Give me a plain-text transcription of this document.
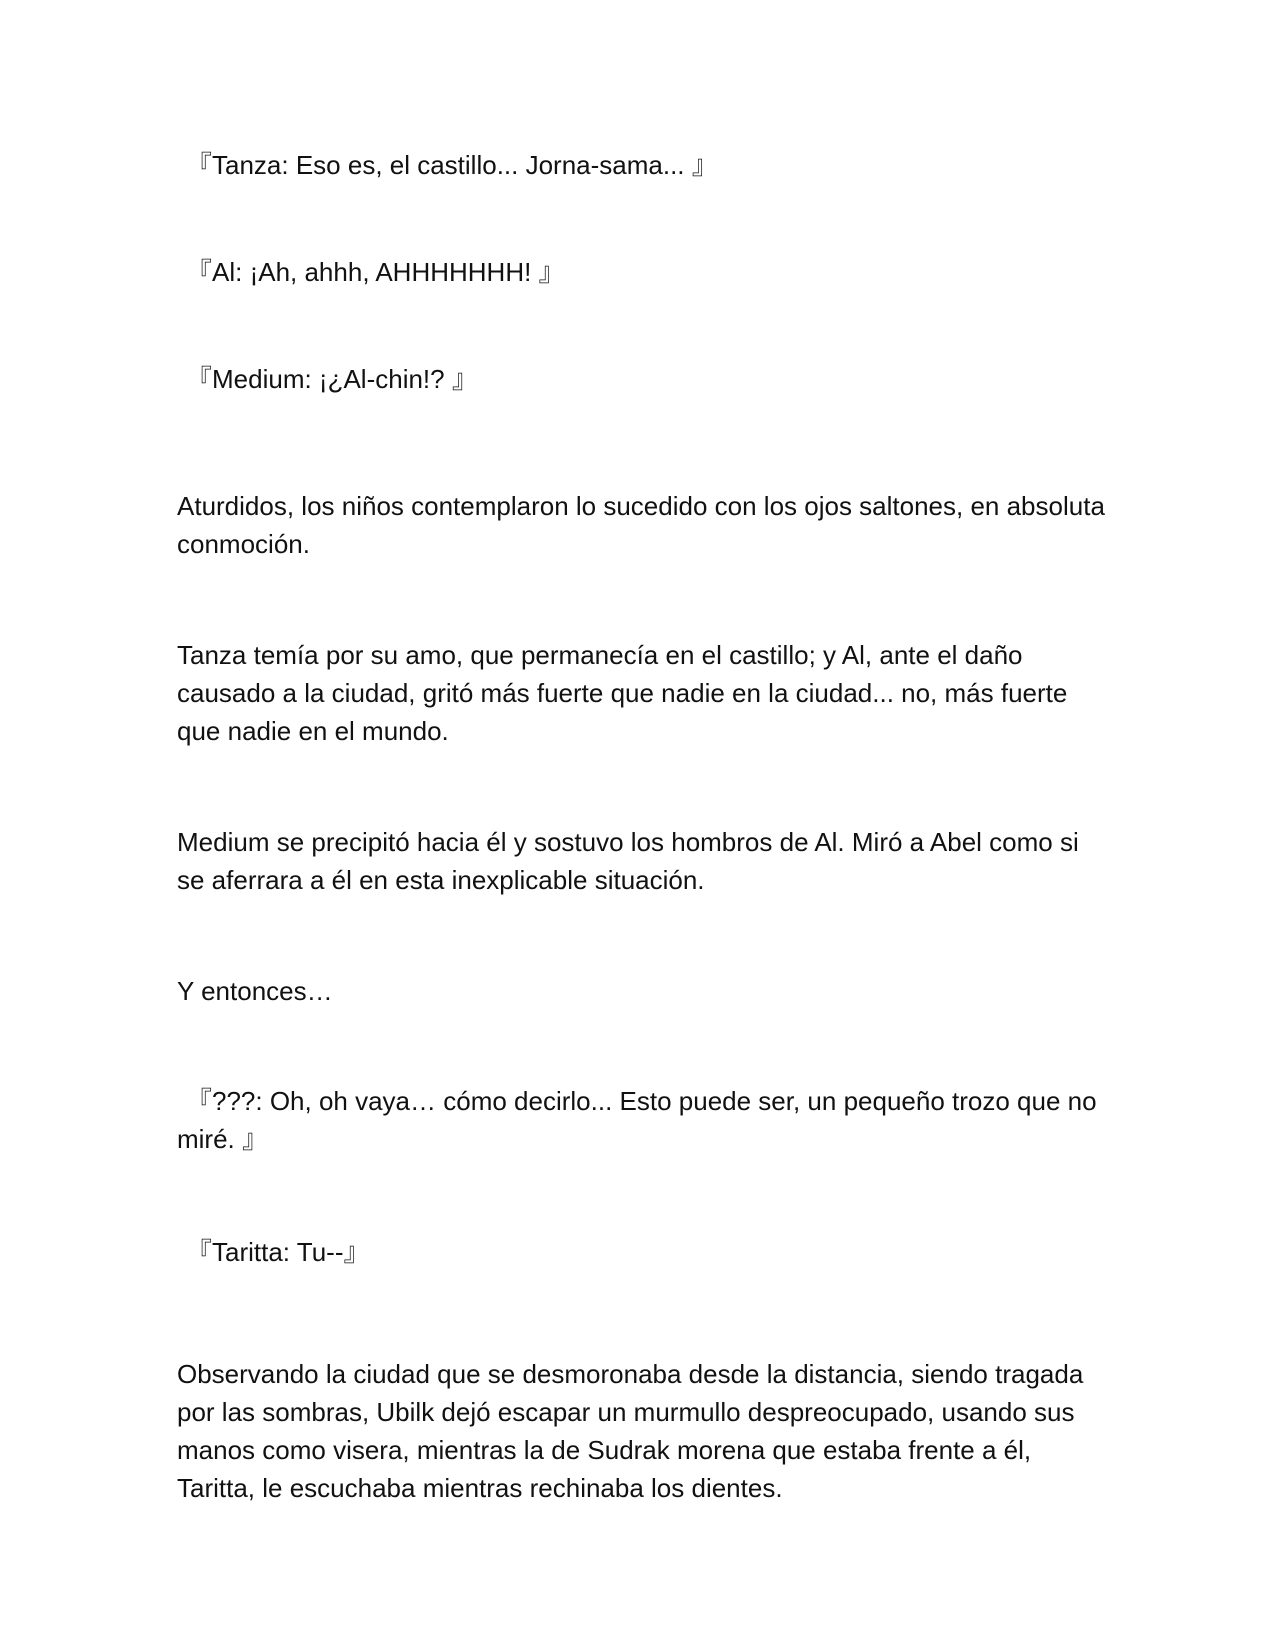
『Tanza: Eso es, el castillo... Jorna-sama... 』

『Al: ¡Ah, ahhh, AHHHHHHH! 』

『Medium: ¡¿Al-chin!? 』

Aturdidos, los niños contemplaron lo sucedido con los ojos saltones, en absoluta conmoción.

Tanza temía por su amo, que permanecía en el castillo; y Al, ante el daño causado a la ciudad, gritó más fuerte que nadie en la ciudad... no, más fuerte que nadie en el mundo.

Medium se precipitó hacia él y sostuvo los hombros de Al. Miró a Abel como si se aferrara a él en esta inexplicable situación.

Y entonces…

『???: Oh, oh vaya… cómo decirlo... Esto puede ser, un pequeño trozo que no miré. 』

『Taritta: Tu--』

Observando la ciudad que se desmoronaba desde la distancia, siendo tragada por las sombras, Ubilk dejó escapar un murmullo despreocupado, usando sus manos como visera, mientras la de Sudrak morena que estaba frente a él, Taritta, le escuchaba mientras rechinaba los dientes.
